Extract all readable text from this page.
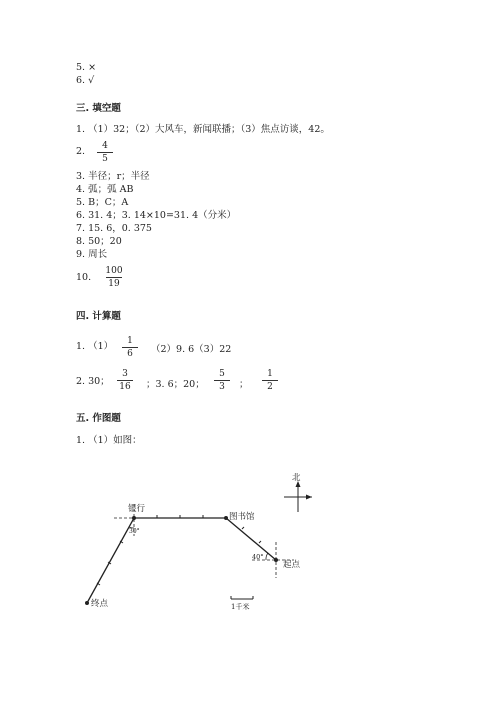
5. ×
6. √
三. 填空题
1. （1）32；（2）大风车，新闻联播；（3）焦点访谈，42。
2.	4
5
3. 半径；r；半径
4. 弧；弧 AB
5. B；C；A
6. 31. 4；3. 14×10=31. 4（分米）
7. 15. 6，0. 375
8. 50；20
9. 周长
10.
100
19
四. 计算题
1. （1）	1
6	（2）9. 6（3）22
2. 30；
3
16	；3. 6；20；
5
3	；
1
2
五. 作图题
1. （1）如图：
北
银行
图书馆
起点
终点
30°
40°
1千米
